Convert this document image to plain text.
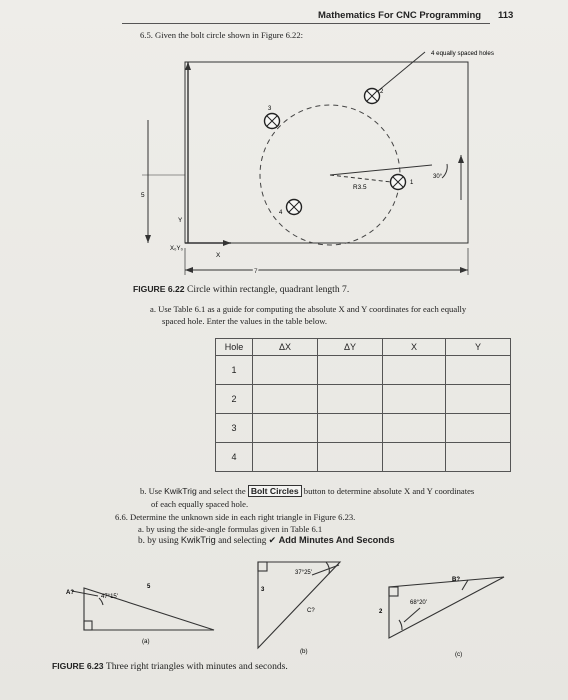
Mathematics For CNC Programming 113
6.5. Given the bolt circle shown in Figure 6.22:
4 equally spaced holes
1
2
3
4
R3.5
30°
5
Y
X
X₀Y₀
7
FIGURE 6.22 Circle within rectangle, quadrant length 7.
a. Use Table 6.1 as a guide for computing the absolute X and Y coordinates for each equally
spaced hole. Enter the values in the table below.
Hole	ΔX	ΔY	X	Y
1				
2				
3				
4				
b. Use KwikTrig and select the Bolt Circles button to determine absolute X and Y coordinates
of each equally spaced hole.
6.6. Determine the unknown side in each right triangle in Figure 6.23.
a. by using the side-angle formulas given in Table 6.1
b. by using KwikTrig and selecting ✔ Add Minutes And Seconds
A?
47°15'
5
37°25'
3
C?
B?
68°20'
2
(a)
(b)	(c)
FIGURE 6.23 Three right triangles with minutes and seconds.
